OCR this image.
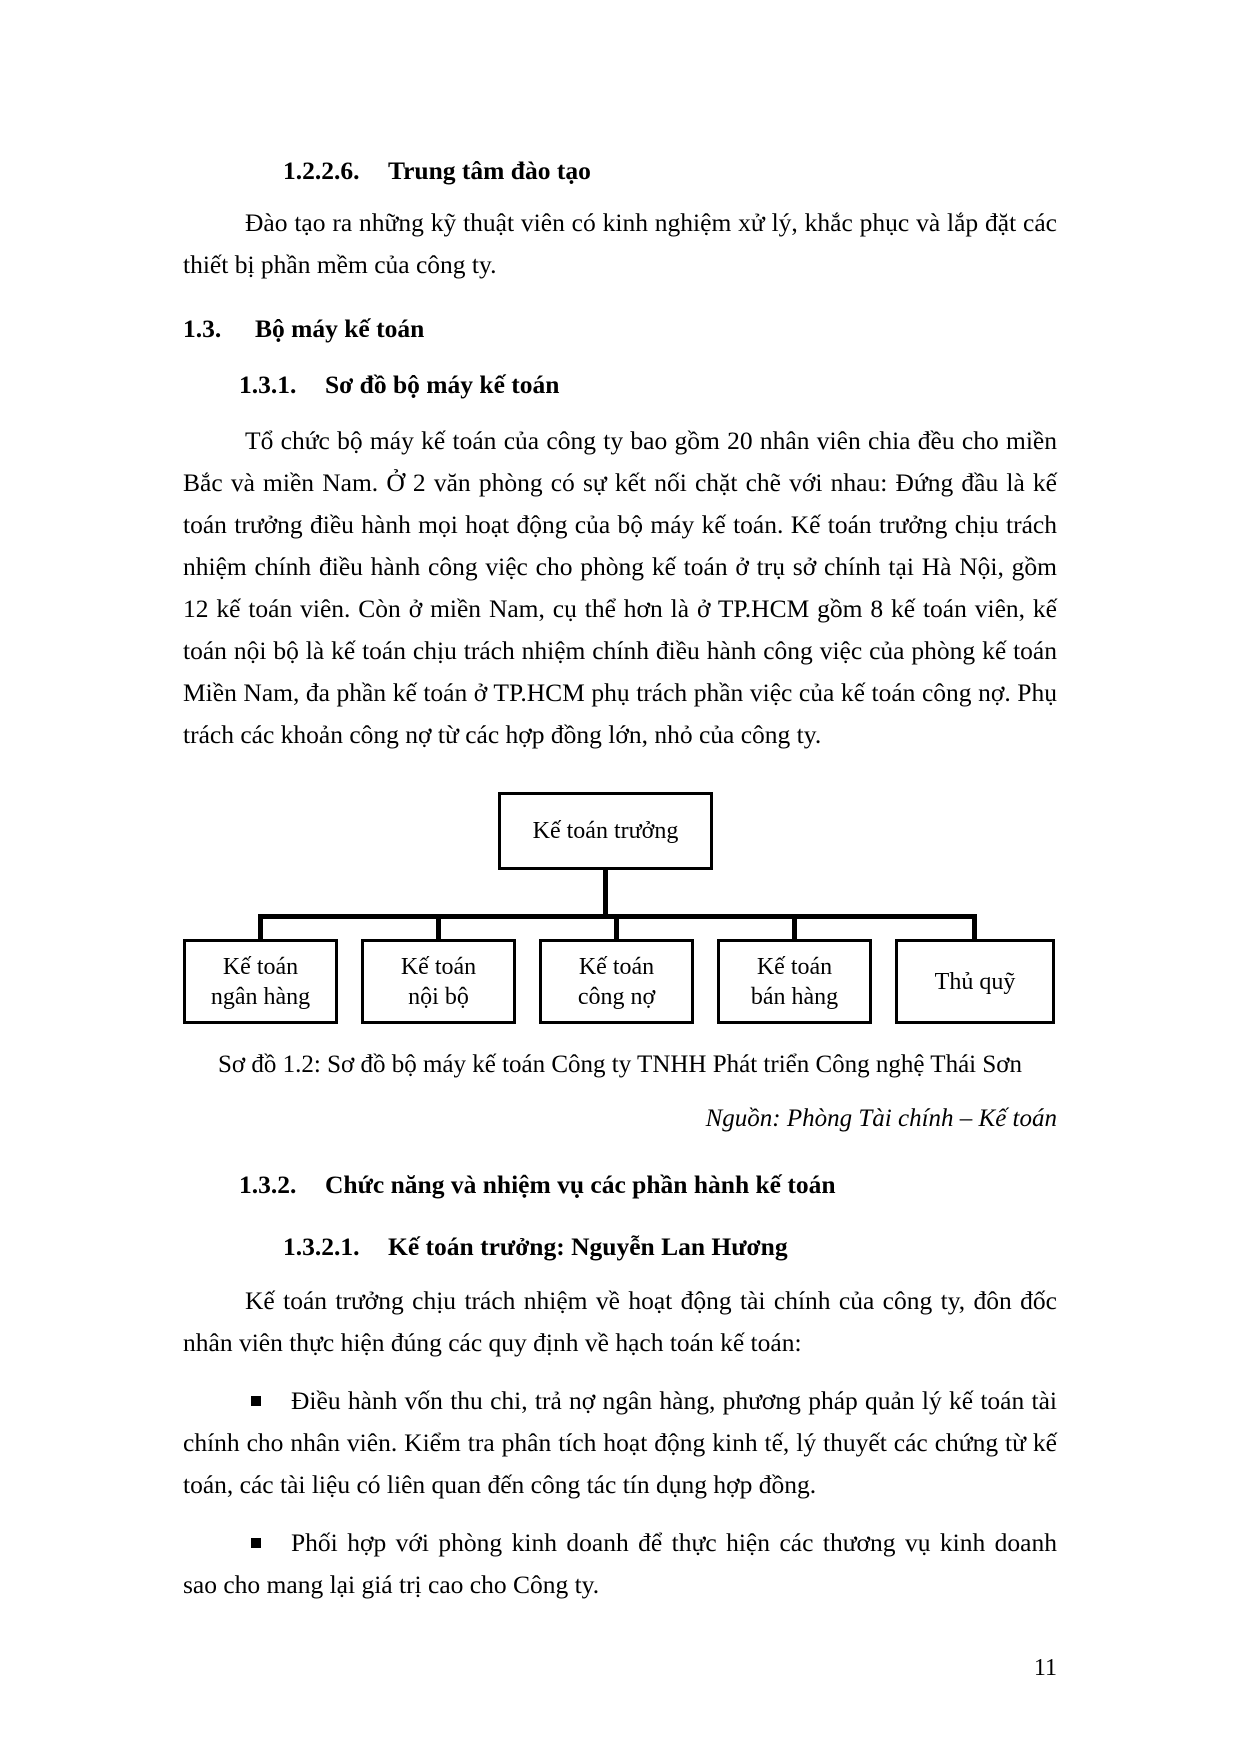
1.2.2.6.	Trung tâm đào tạo

Đào tạo ra những kỹ thuật viên có kinh nghiệm xử lý, khắc phục và lắp đặt các thiết bị phần mềm của công ty.

1.3.	Bộ máy kế toán
1.3.1.	Sơ đồ bộ máy kế toán

Tổ chức bộ máy kế toán của công ty bao gồm 20 nhân viên chia đều cho miền Bắc và miền Nam. Ở 2 văn phòng có sự kết nối chặt chẽ với nhau: Đứng đầu là kế toán trưởng điều hành mọi hoạt động của bộ máy kế toán. Kế toán trưởng chịu trách nhiệm chính điều hành công việc cho phòng kế toán ở trụ sở chính tại Hà Nội, gồm 12 kế toán viên. Còn ở miền Nam, cụ thể hơn là ở TP.HCM gồm 8 kế toán viên, kế toán nội bộ là kế toán chịu trách nhiệm chính điều hành công việc của phòng kế toán Miền Nam, đa phần kế toán ở TP.HCM phụ trách phần việc của kế toán công nợ. Phụ trách các khoản công nợ từ các hợp đồng lớn, nhỏ của công ty.

Kế toán trưởng
Kế toán
ngân hàng
Kế toán
nội bộ
Kế toán
công nợ
Kế toán
bán hàng
Thủ quỹ

Sơ đồ 1.2: Sơ đồ bộ máy kế toán Công ty TNHH Phát triển Công nghệ Thái Sơn

Nguồn: Phòng Tài chính – Kế toán

1.3.2.	Chức năng và nhiệm vụ các phần hành kế toán
1.3.2.1.	Kế toán trưởng: Nguyễn Lan Hương

Kế toán trưởng chịu trách nhiệm về hoạt động tài chính của công ty, đôn đốc nhân viên thực hiện đúng các quy định về hạch toán kế toán:

Điều hành vốn thu chi, trả nợ ngân hàng, phương pháp quản lý kế toán tài chính cho nhân viên. Kiểm tra phân tích hoạt động kinh tế, lý thuyết các chứng từ kế toán, các tài liệu có liên quan đến công tác tín dụng hợp đồng.

Phối hợp với phòng kinh doanh để thực hiện các thương vụ kinh doanh sao cho mang lại giá trị cao cho Công ty.

11
